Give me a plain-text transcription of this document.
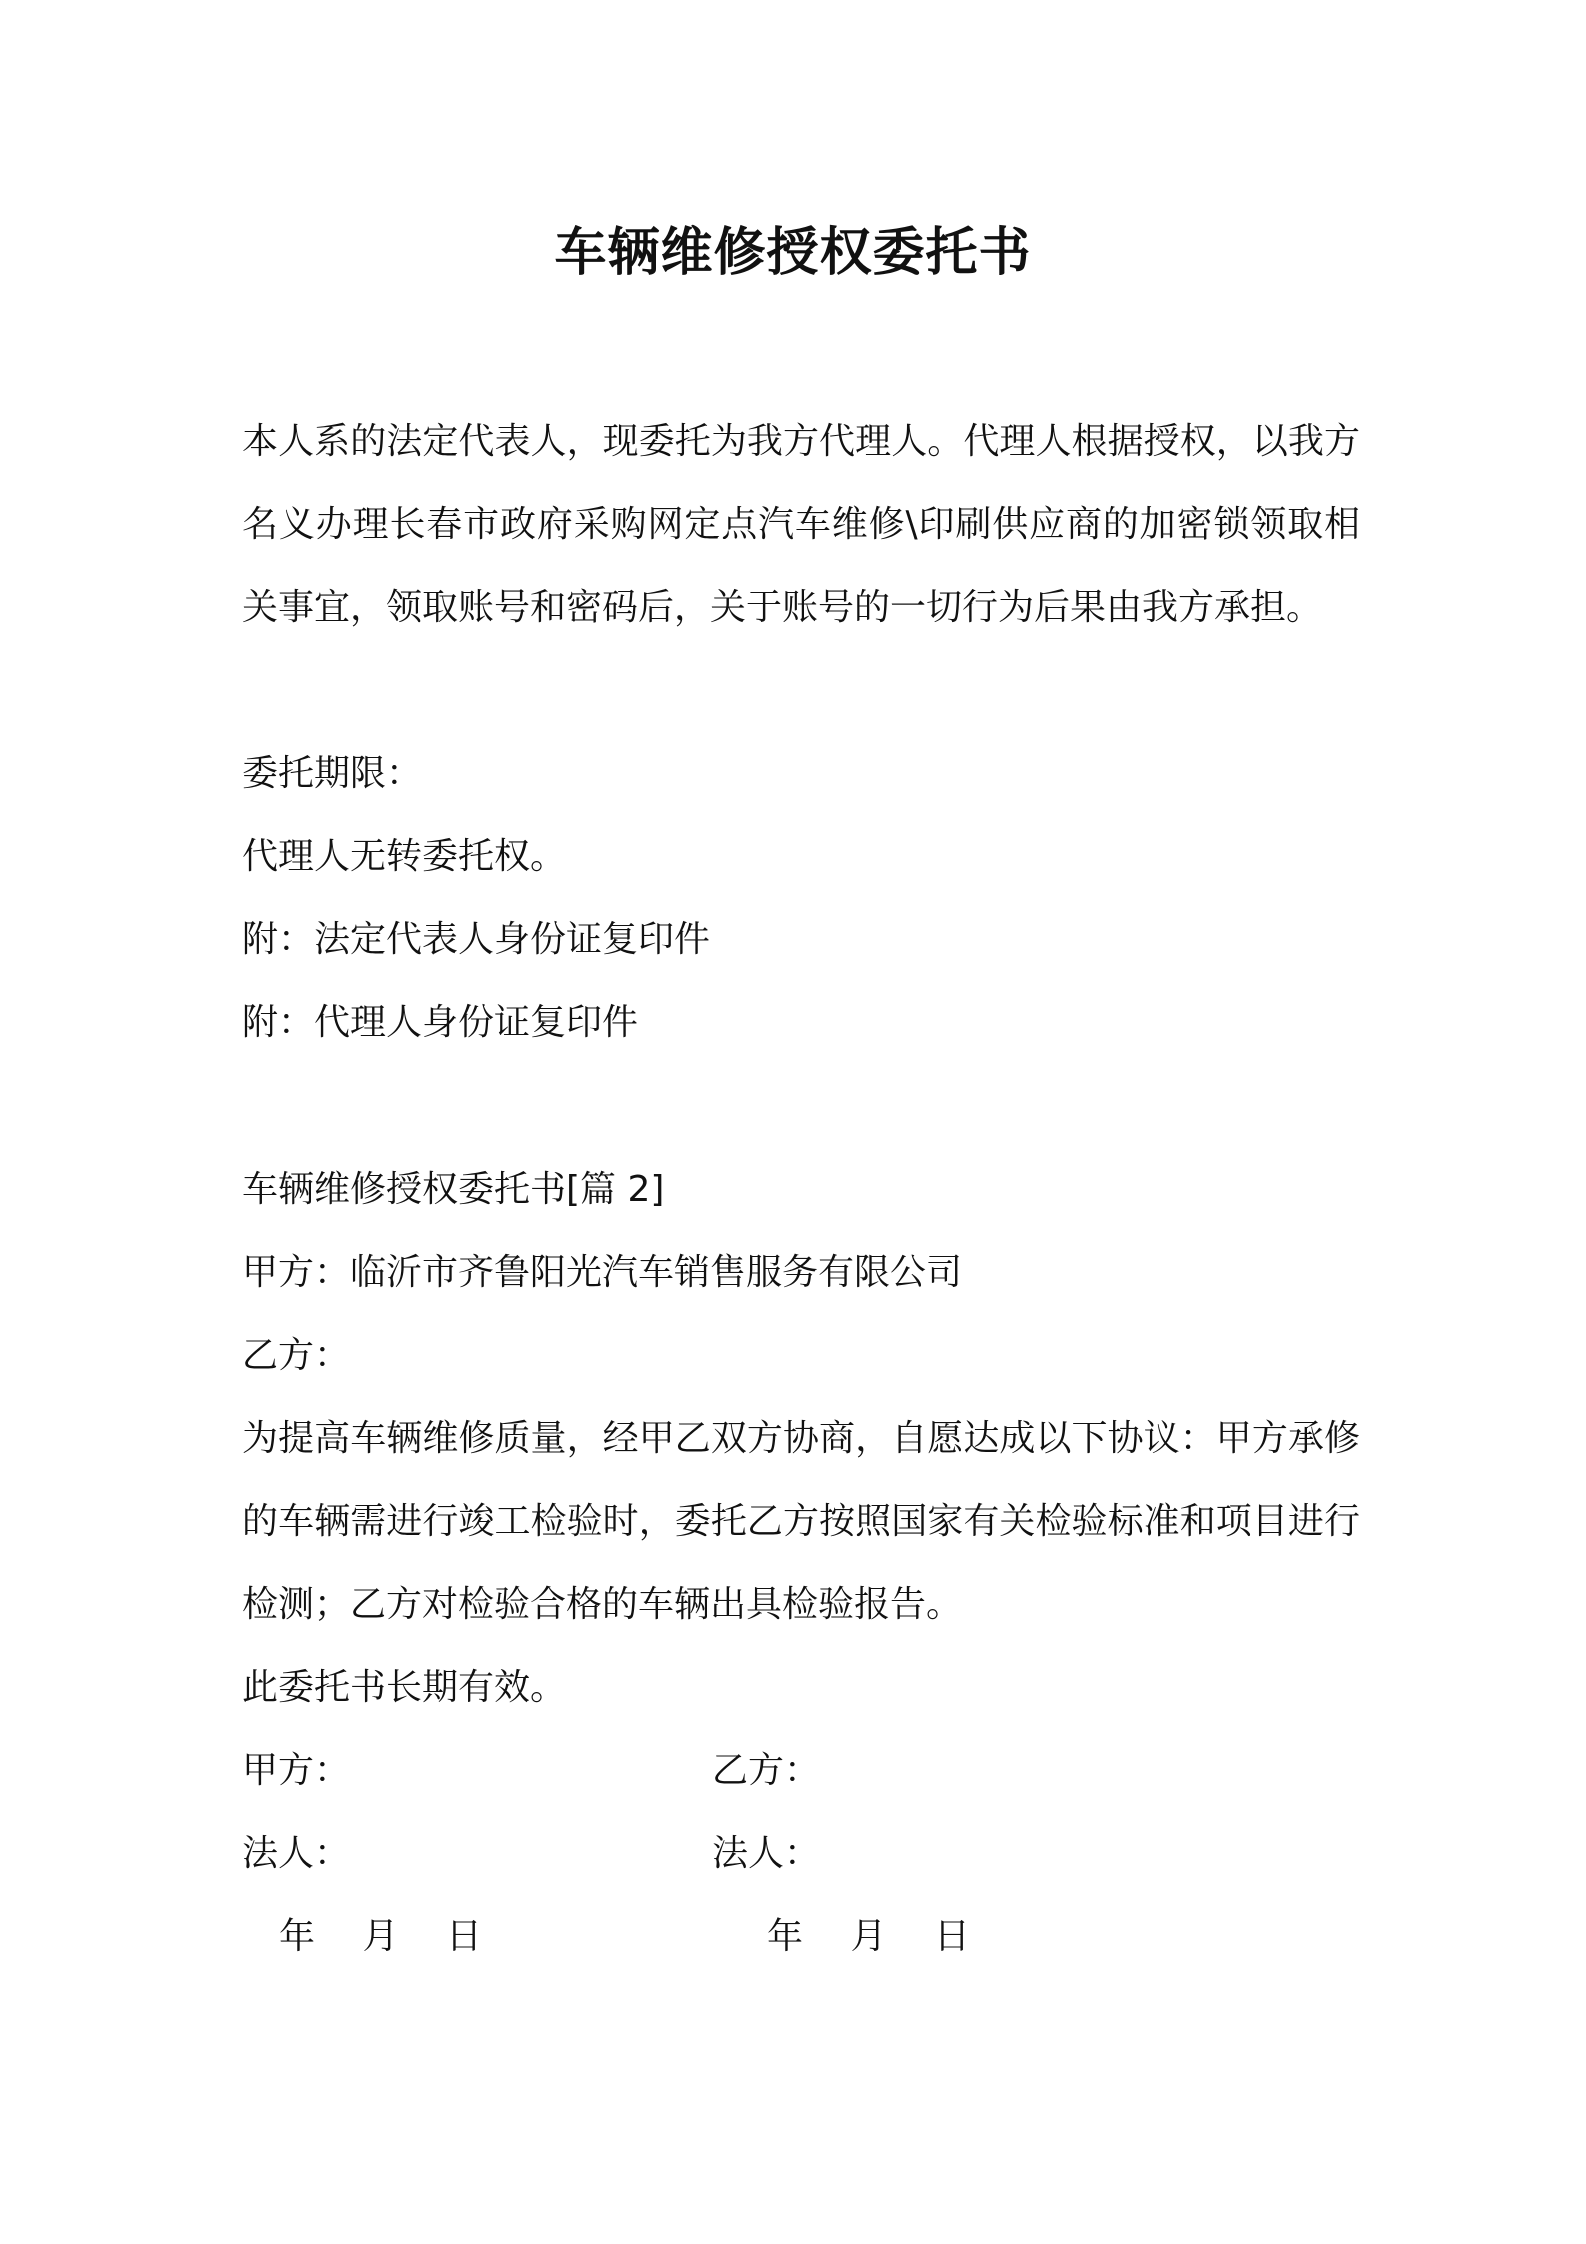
车辆维修授权委托书

本人系的法定代表人，现委托为我方代理人。代理人根据授权，以我方名义办理长春市政府采购网定点汽车维修\印刷供应商的加密锁领取相关事宜，领取账号和密码后，关于账号的一切行为后果由我方承担。

委托期限：

代理人无转委托权。

附：法定代表人身份证复印件

附：代理人身份证复印件

车辆维修授权委托书[篇 2]

甲方：临沂市齐鲁阳光汽车销售服务有限公司

乙方：

为提高车辆维修质量，经甲乙双方协商，自愿达成以下协议：甲方承修的车辆需进行竣工检验时，委托乙方按照国家有关检验标准和项目进行检测；乙方对检验合格的车辆出具检验报告。

此委托书长期有效。

甲方：	乙方：

法人：	法人：

年 月 日	年 月 日
